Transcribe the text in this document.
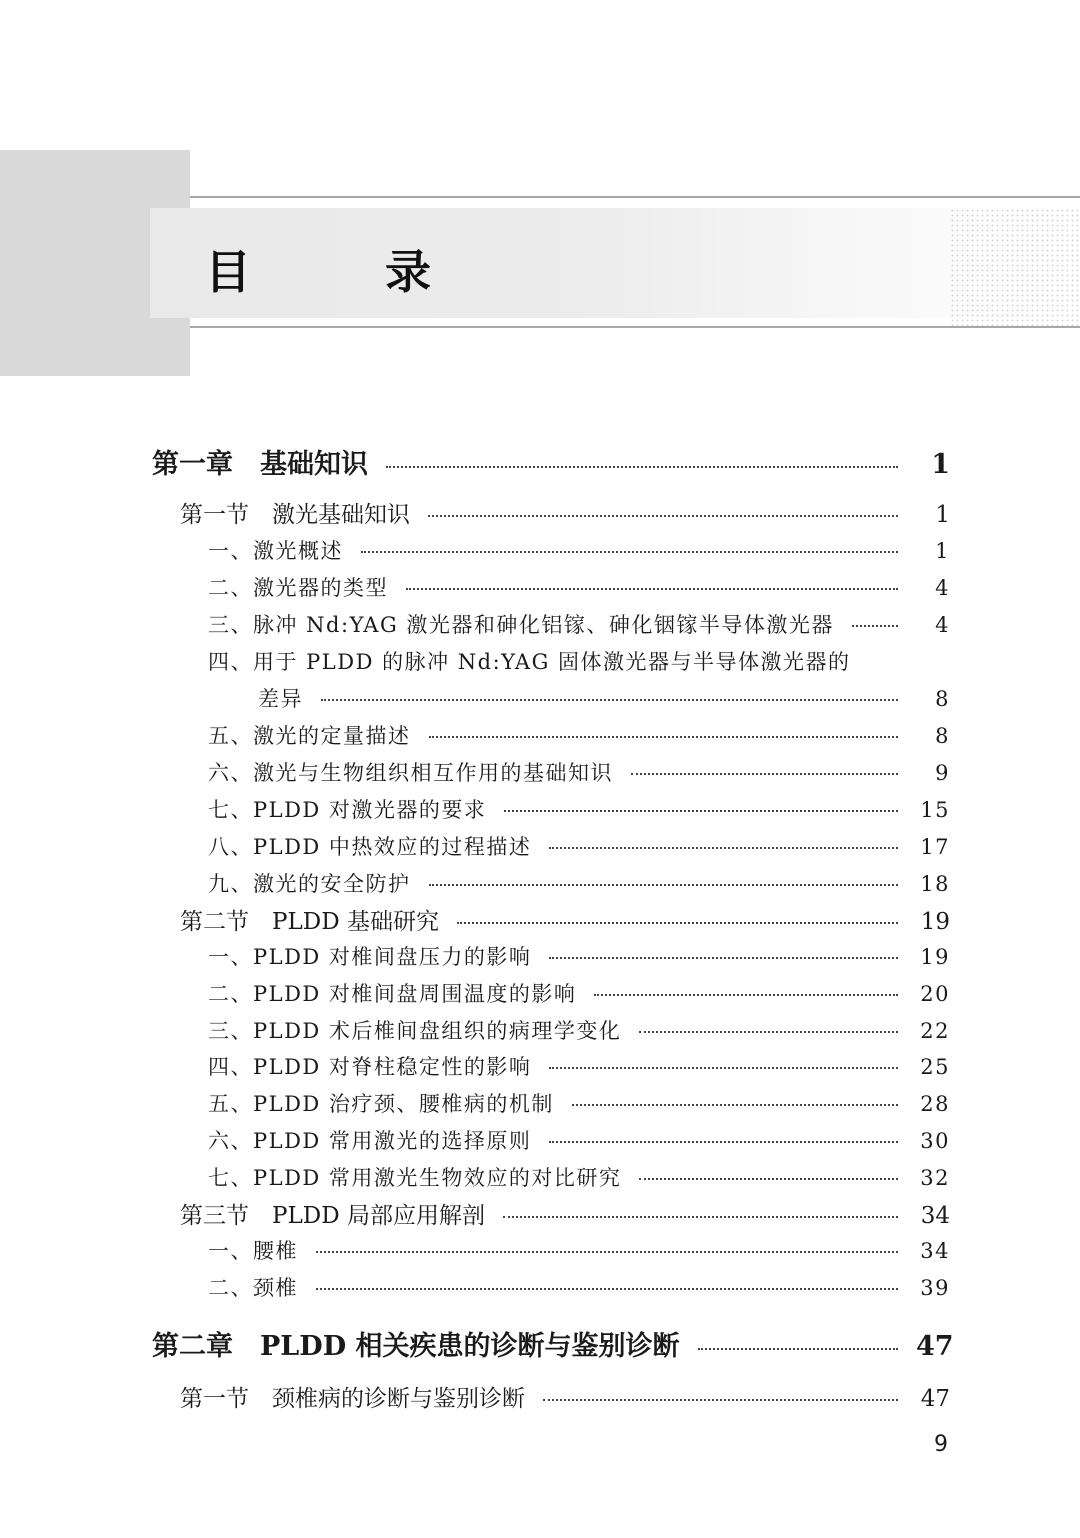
目　录
第一章　基础知识	1
第一节　激光基础知识	1
一、激光概述	1
二、激光器的类型	4
三、脉冲 Nd:YAG 激光器和砷化铝镓、砷化铟镓半导体激光器	4
四、用于 PLDD 的脉冲 Nd:YAG 固体激光器与半导体激光器的
差异	8
五、激光的定量描述	8
六、激光与生物组织相互作用的基础知识	9
七、PLDD 对激光器的要求	15
八、PLDD 中热效应的过程描述	17
九、激光的安全防护	18
第二节　PLDD 基础研究	19
一、PLDD 对椎间盘压力的影响	19
二、PLDD 对椎间盘周围温度的影响	20
三、PLDD 术后椎间盘组织的病理学变化	22
四、PLDD 对脊柱稳定性的影响	25
五、PLDD 治疗颈、腰椎病的机制	28
六、PLDD 常用激光的选择原则	30
七、PLDD 常用激光生物效应的对比研究	32
第三节　PLDD 局部应用解剖	34
一、腰椎	34
二、颈椎	39
第二章　PLDD 相关疾患的诊断与鉴别诊断	47
第一节　颈椎病的诊断与鉴别诊断	47
9
